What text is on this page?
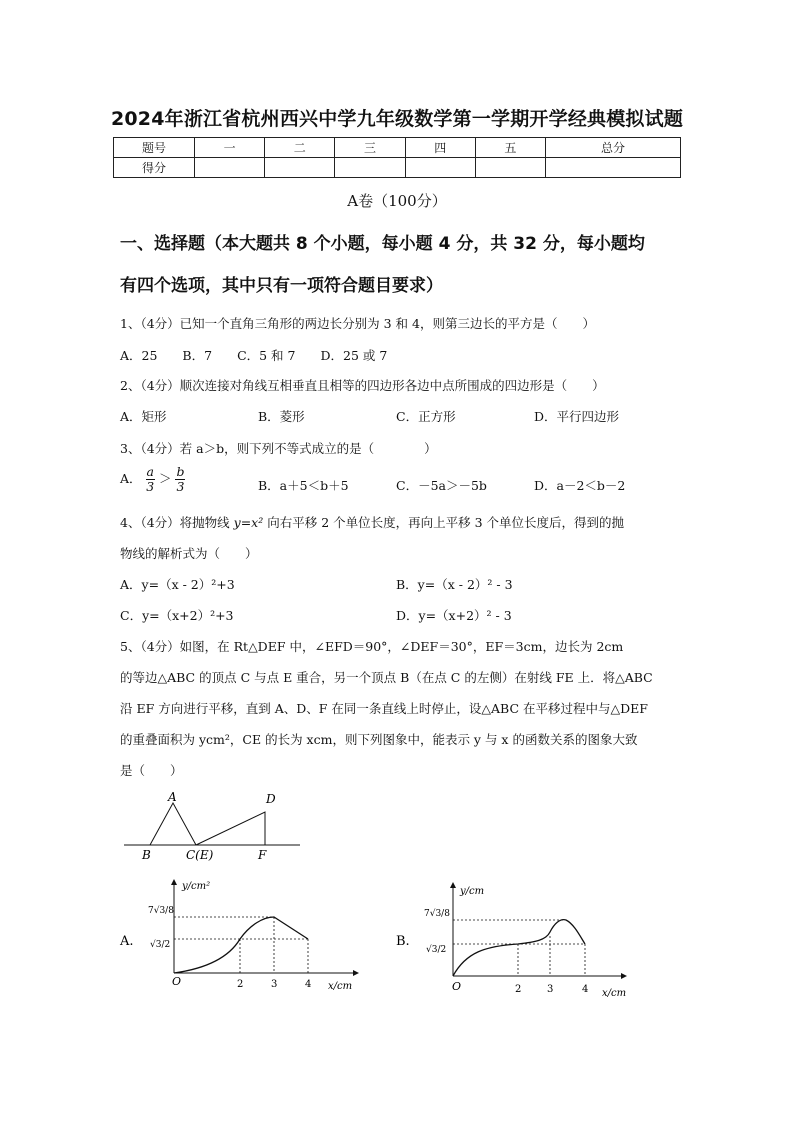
2024年浙江省杭州西兴中学九年级数学第一学期开学经典模拟试题
题号	一	二	三	四	五	总分
得分						
A卷（100分）
一、选择题（本大题共 8 个小题，每小题 4 分，共 32 分，每小题均
有四个选项，其中只有一项符合题目要求）
1、（4分）已知一个直角三角形的两边长分别为 3 和 4，则第三边长的平方是（　　）
A．25　　B．7　　C．5 和 7　　D．25 或 7
2、（4分）顺次连接对角线互相垂直且相等的四边形各边中点所围成的四边形是（　　）
A．矩形	B．菱形	C．正方形	D．平行四边形
3、（4分）若 a＞b，则下列不等式成立的是（　　　　）
A． $\frac{a}{3} > \frac{b}{3}$	B．a＋5＜b＋5	C．－5a＞－5b	D．a－2＜b－2
4、（4分）将抛物线 y=x² 向右平移 2 个单位长度，再向上平移 3 个单位长度后，得到的抛
物线的解析式为（　　）
A．y=（x - 2）²+3	B．y=（x - 2）² - 3
C．y=（x+2）²+3	D．y=（x+2）² - 3
5、（4分）如图，在 Rt△DEF 中，∠EFD＝90°，∠DEF＝30°，EF＝3cm，边长为 2cm
的等边△ABC 的顶点 C 与点 E 重合，另一个顶点 B（在点 C 的左侧）在射线 FE 上．将△ABC
沿 EF 方向进行平移，直到 A、D、F 在同一条直线上时停止，设△ABC 在平移过程中与△DEF
的重叠面积为 ycm²，CE 的长为 xcm，则下列图象中，能表示 y 与 x 的函数关系的图象大致
是（　　）
A	D
B	C(E)	F
A.
y/cm²
x/cm
O	2	3	4
7√3/8
√3/2	B.
y/cm
x/cm
O	2	3	4
7√3/8
√3/2
